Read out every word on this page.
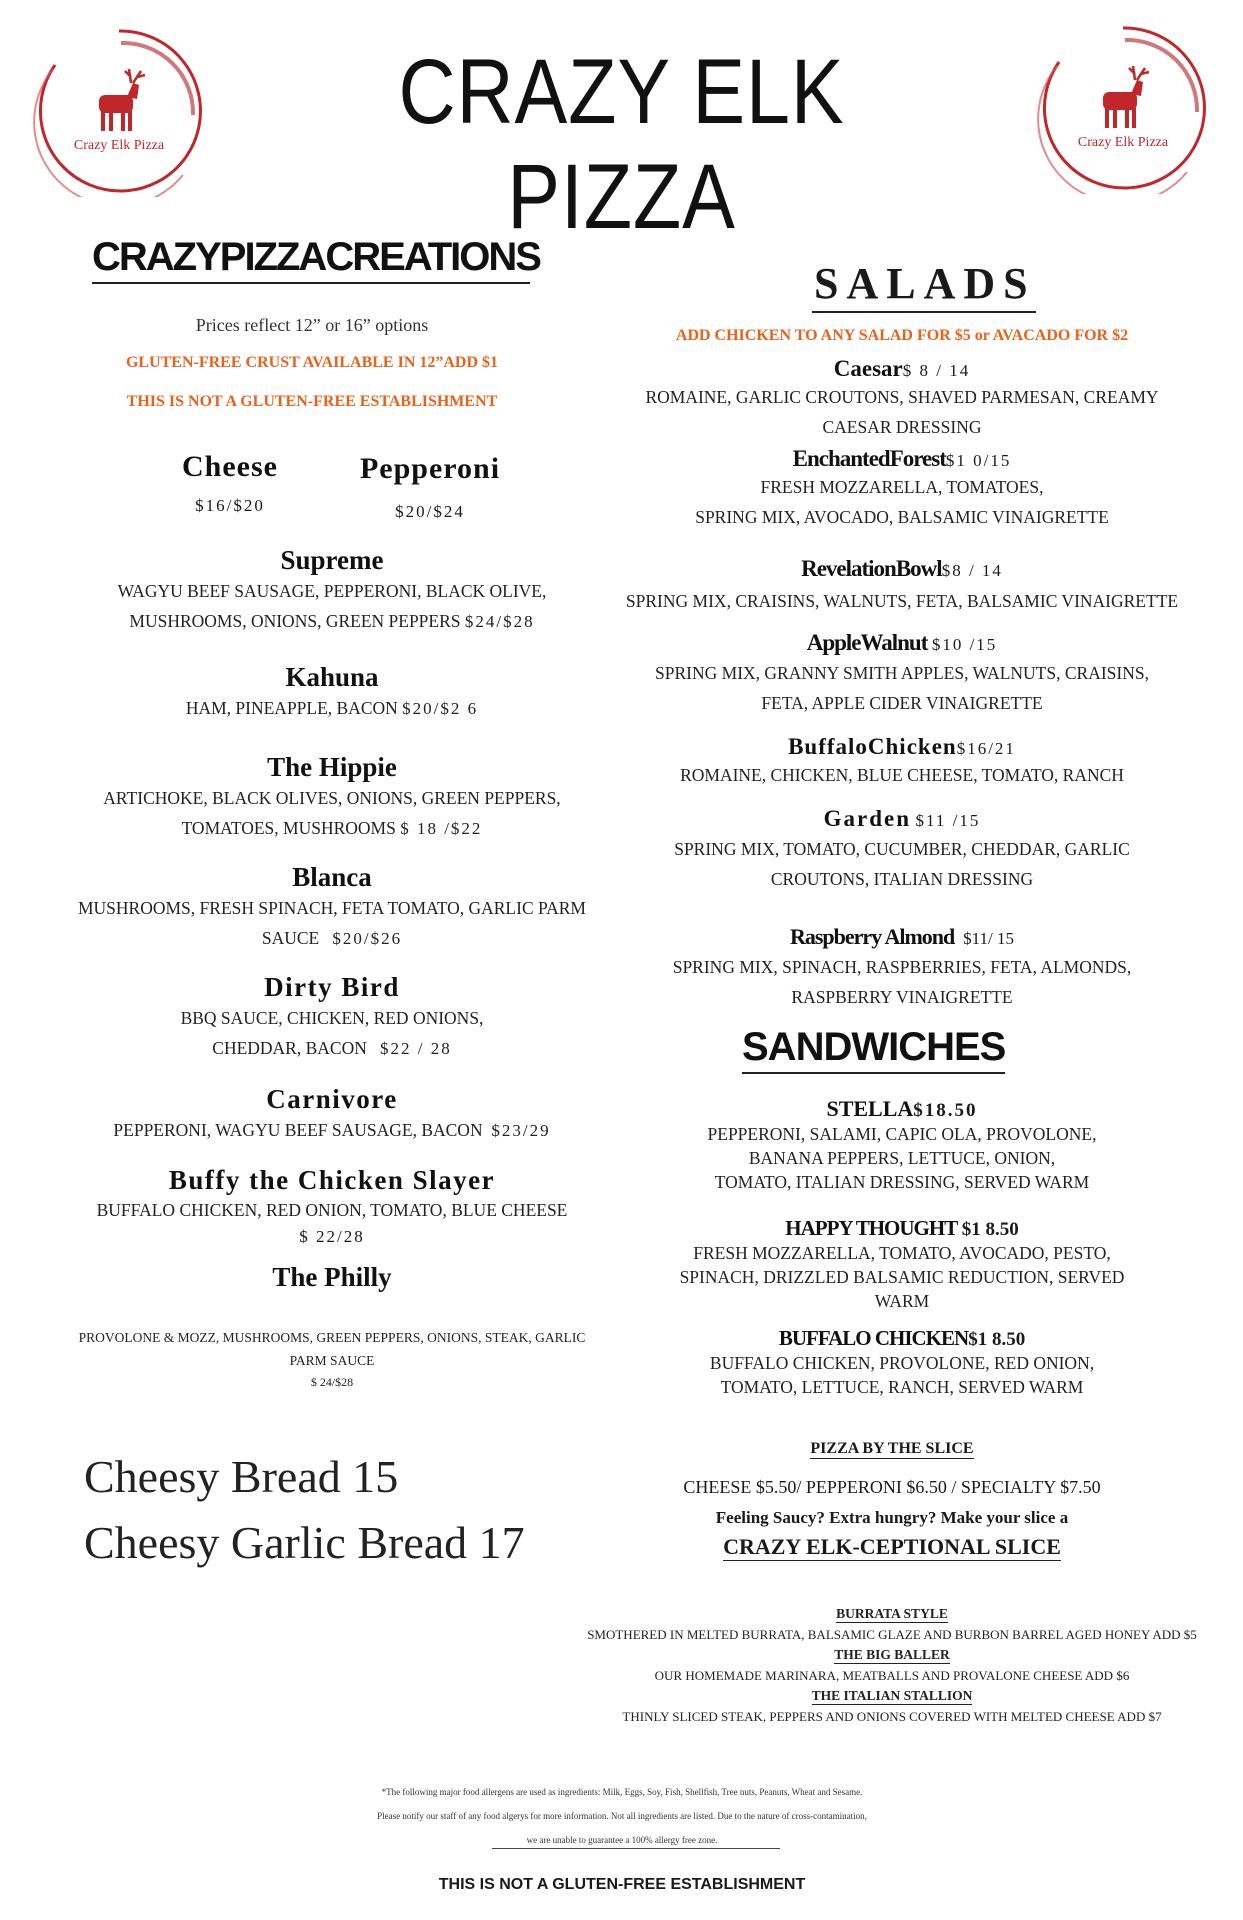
Crazy Elk Pizza
CRAZY ELK PIZZA
Crazy Elk Pizza
CRAZYPIZZACREATIONS
Prices reflect 12” or 16” options
GLUTEN-FREE CRUST AVAILABLE IN 12”ADD $1
THIS IS NOT A GLUTEN-FREE ESTABLISHMENT
Cheese
$16/$20
Pepperoni
$20/$24
Supreme
WAGYU BEEF SAUSAGE, PEPPERONI, BLACK OLIVE,
MUSHROOMS, ONIONS, GREEN PEPPERS $24/$28
Kahuna
HAM, PINEAPPLE, BACON $20/$2 6
The Hippie
ARTICHOKE, BLACK OLIVES, ONIONS, GREEN PEPPERS,
TOMATOES, MUSHROOMS $ 18 /$22
Blanca
MUSHROOMS, FRESH SPINACH, FETA TOMATO, GARLIC PARM
SAUCE $20/$26
Dirty Bird
BBQ SAUCE, CHICKEN, RED ONIONS,
CHEDDAR, BACON $22 / 28
Carnivore
PEPPERONI, WAGYU BEEF SAUSAGE, BACON $23/29
Buffy the Chicken Slayer
BUFFALO CHICKEN, RED ONION, TOMATO, BLUE CHEESE
$ 22/28
The Philly
PROVOLONE & MOZZ, MUSHROOMS, GREEN PEPPERS, ONIONS, STEAK, GARLIC
PARM SAUCE
$ 24/$28
Cheesy Bread 15
Cheesy Garlic Bread 17
SALADS
ADD CHICKEN TO ANY SALAD FOR $5 or AVACADO FOR $2
Caesar$ 8 / 14
ROMAINE, GARLIC CROUTONS, SHAVED PARMESAN, CREAMY
CAESAR DRESSING
EnchantedForest$1 0/15
FRESH MOZZARELLA, TOMATOES,
SPRING MIX, AVOCADO, BALSAMIC VINAIGRETTE
RevelationBowl$8 / 14
SPRING MIX, CRAISINS, WALNUTS, FETA, BALSAMIC VINAIGRETTE
AppleWalnut $10 /15
SPRING MIX, GRANNY SMITH APPLES, WALNUTS, CRAISINS,
FETA, APPLE CIDER VINAIGRETTE
BuffaloChicken$16/21
ROMAINE, CHICKEN, BLUE CHEESE, TOMATO, RANCH
Garden $11 /15
SPRING MIX, TOMATO, CUCUMBER, CHEDDAR, GARLIC
CROUTONS, ITALIAN DRESSING
Raspberry Almond $11/ 15
SPRING MIX, SPINACH, RASPBERRIES, FETA, ALMONDS,
RASPBERRY VINAIGRETTE
SANDWICHES
STELLA$18.50
PEPPERONI, SALAMI, CAPIC OLA, PROVOLONE,
BANANA PEPPERS, LETTUCE, ONION,
TOMATO, ITALIAN DRESSING, SERVED WARM
HAPPY THOUGHT $1 8.50
FRESH MOZZARELLA, TOMATO, AVOCADO, PESTO,
SPINACH, DRIZZLED BALSAMIC REDUCTION, SERVED
WARM
BUFFALO CHICKEN$1 8.50
BUFFALO CHICKEN, PROVOLONE, RED ONION,
TOMATO, LETTUCE, RANCH, SERVED WARM
PIZZA BY THE SLICE
CHEESE $5.50/ PEPPERONI $6.50 / SPECIALTY $7.50
Feeling Saucy? Extra hungry? Make your slice a
CRAZY ELK-CEPTIONAL SLICE
BURRATA STYLE
SMOTHERED IN MELTED BURRATA, BALSAMIC GLAZE AND BURBON BARREL AGED HONEY ADD $5
THE BIG BALLER
OUR HOMEMADE MARINARA, MEATBALLS AND PROVALONE CHEESE ADD $6
THE ITALIAN STALLION
THINLY SLICED STEAK, PEPPERS AND ONIONS COVERED WITH MELTED CHEESE ADD $7
*The following major food allergens are used as ingredients: Milk, Eggs, Soy, Fish, Shellfish, Tree nuts, Peanuts, Wheat and Sesame.
Please notify our staff of any food algerys for more information. Not all ingredients are listed. Due to the nature of cross-contamination,
we are unable to guarantee a 100% allergy free zone.
THIS IS NOT A GLUTEN-FREE ESTABLISHMENT
